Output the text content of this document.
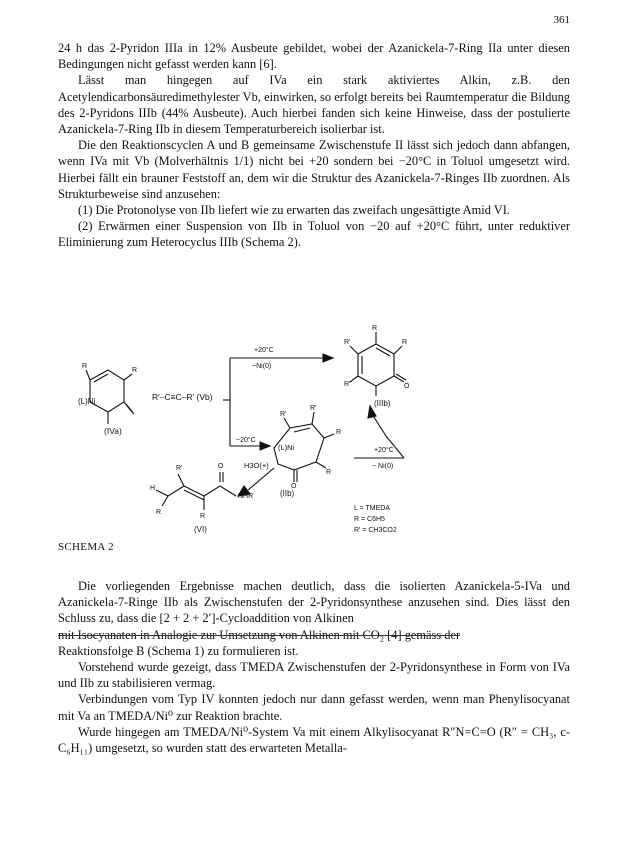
361

24 h das 2-Pyridon IIIa in 12% Ausbeute gebildet, wobei der Azanickela-7-Ring IIa unter diesen Bedingungen nicht gefasst werden kann [6].

Lässt man hingegen auf IVa ein stark aktiviertes Alkin, z.B. den Acetylendicarbonsäuredimethylester Vb, einwirken, so erfolgt bereits bei Raumtemperatur die Bildung des 2-Pyridons IIIb (44% Ausbeute). Auch hierbei fanden sich keine Hinweise, dass der postulierte Azanickela-7-Ring IIb in diesem Temperaturbereich isolierbar ist.

Die den Reaktionscyclen A und B gemeinsame Zwischenstufe II lässt sich jedoch dann abfangen, wenn IVa mit Vb (Molverhältnis 1/1) nicht bei +20 sondern bei −20°C in Toluol umgesetzt wird. Hierbei fällt ein brauner Feststoff an, dem wir die Struktur des Azanickela-7-Ringes IIb zuordnen. Als Strukturbeweise sind anzusehen:

(1) Die Protonolyse von IIb liefert wie zu erwarten das zweifach ungesättigte Amid VI.

(2) Erwärmen einer Suspension von IIb in Toluol von −20 auf +20°C führt, unter reduktiver Eliminierung zum Heterocyclus IIIb (Schema 2).

(L)Ni
(IVa)
R′–C≡C–R′ (Vb)
+20°C
−Ni(0)
−20°C
(L)Ni
(IIIb)
+20°C
− Ni(0)
H3O(+)
(IIb)
(VI)
L = TMEDA
R = C6H5
R′ = CH3CO2
R
R
R
R'	R
R'	O
R'
R'
R
R
O
H
R'	O
NHR
R
R
SCHEMA 2

Die vorliegenden Ergebnisse machen deutlich, dass die isolierten Azanickela-5-IVa und Azanickela-7-Ringe IIb als Zwischenstufen der 2-Pyridonsynthese anzusehen sind. Dies lässt den Schluss zu, dass die [2 + 2 + 2′]-Cycloaddition von Alkinen

mit Isocyanaten in Analogie zur Umsetzung von Alkinen mit CO₂ [4] gemäss der

Reaktionsfolge B (Schema 1) zu formulieren ist.

Vorstehend wurde gezeigt, dass TMEDA Zwischenstufen der 2-Pyridonsynthese in Form von IVa und IIb zu stabilisieren vermag.

Verbindungen vom Typ IV konnten jedoch nur dann gefasst werden, wenn man Phenylisocyanat mit Va an TMEDA/Ni⁰ zur Reaktion brachte.

Wurde hingegen am TMEDA/Ni⁰-System Va mit einem Alkylisocyanat R″N=C=O (R″ = CH₃, c-C₆H₁₁) umgesetzt, so wurden statt des erwarteten Metalla-
